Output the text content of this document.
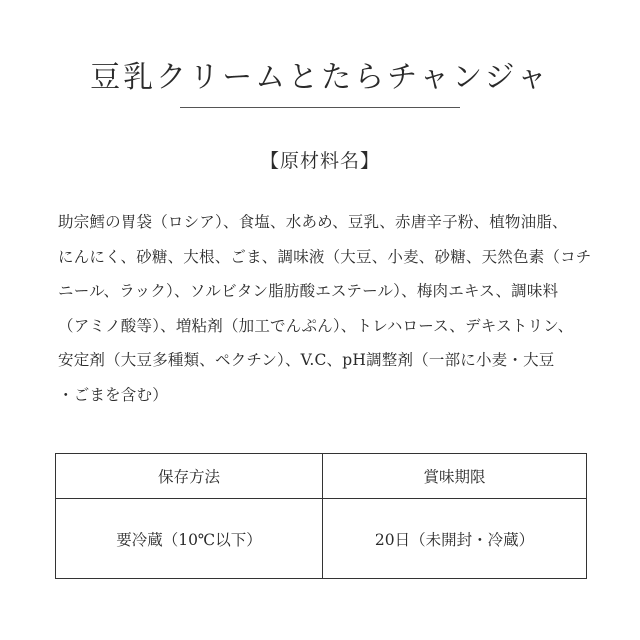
豆乳クリームとたらチャンジャ
【原材料名】
助宗鱈の胃袋（ロシア）、食塩、水あめ、豆乳、赤唐辛子粉、植物油脂、
にんにく、砂糖、大根、ごま、調味液（大豆、小麦、砂糖、天然色素（コチ
ニール、ラック）、ソルビタン脂肪酸エステール）、梅肉エキス、調味料
（アミノ酸等）、増粘剤（加工でんぷん）、トレハロース、デキストリン、
安定剤（大豆多種類、ペクチン）、V.C、pH調整剤（一部に小麦・大豆
・ごまを含む）
保存方法	賞味期限
要冷蔵（10℃以下）	20日（未開封・冷蔵）
